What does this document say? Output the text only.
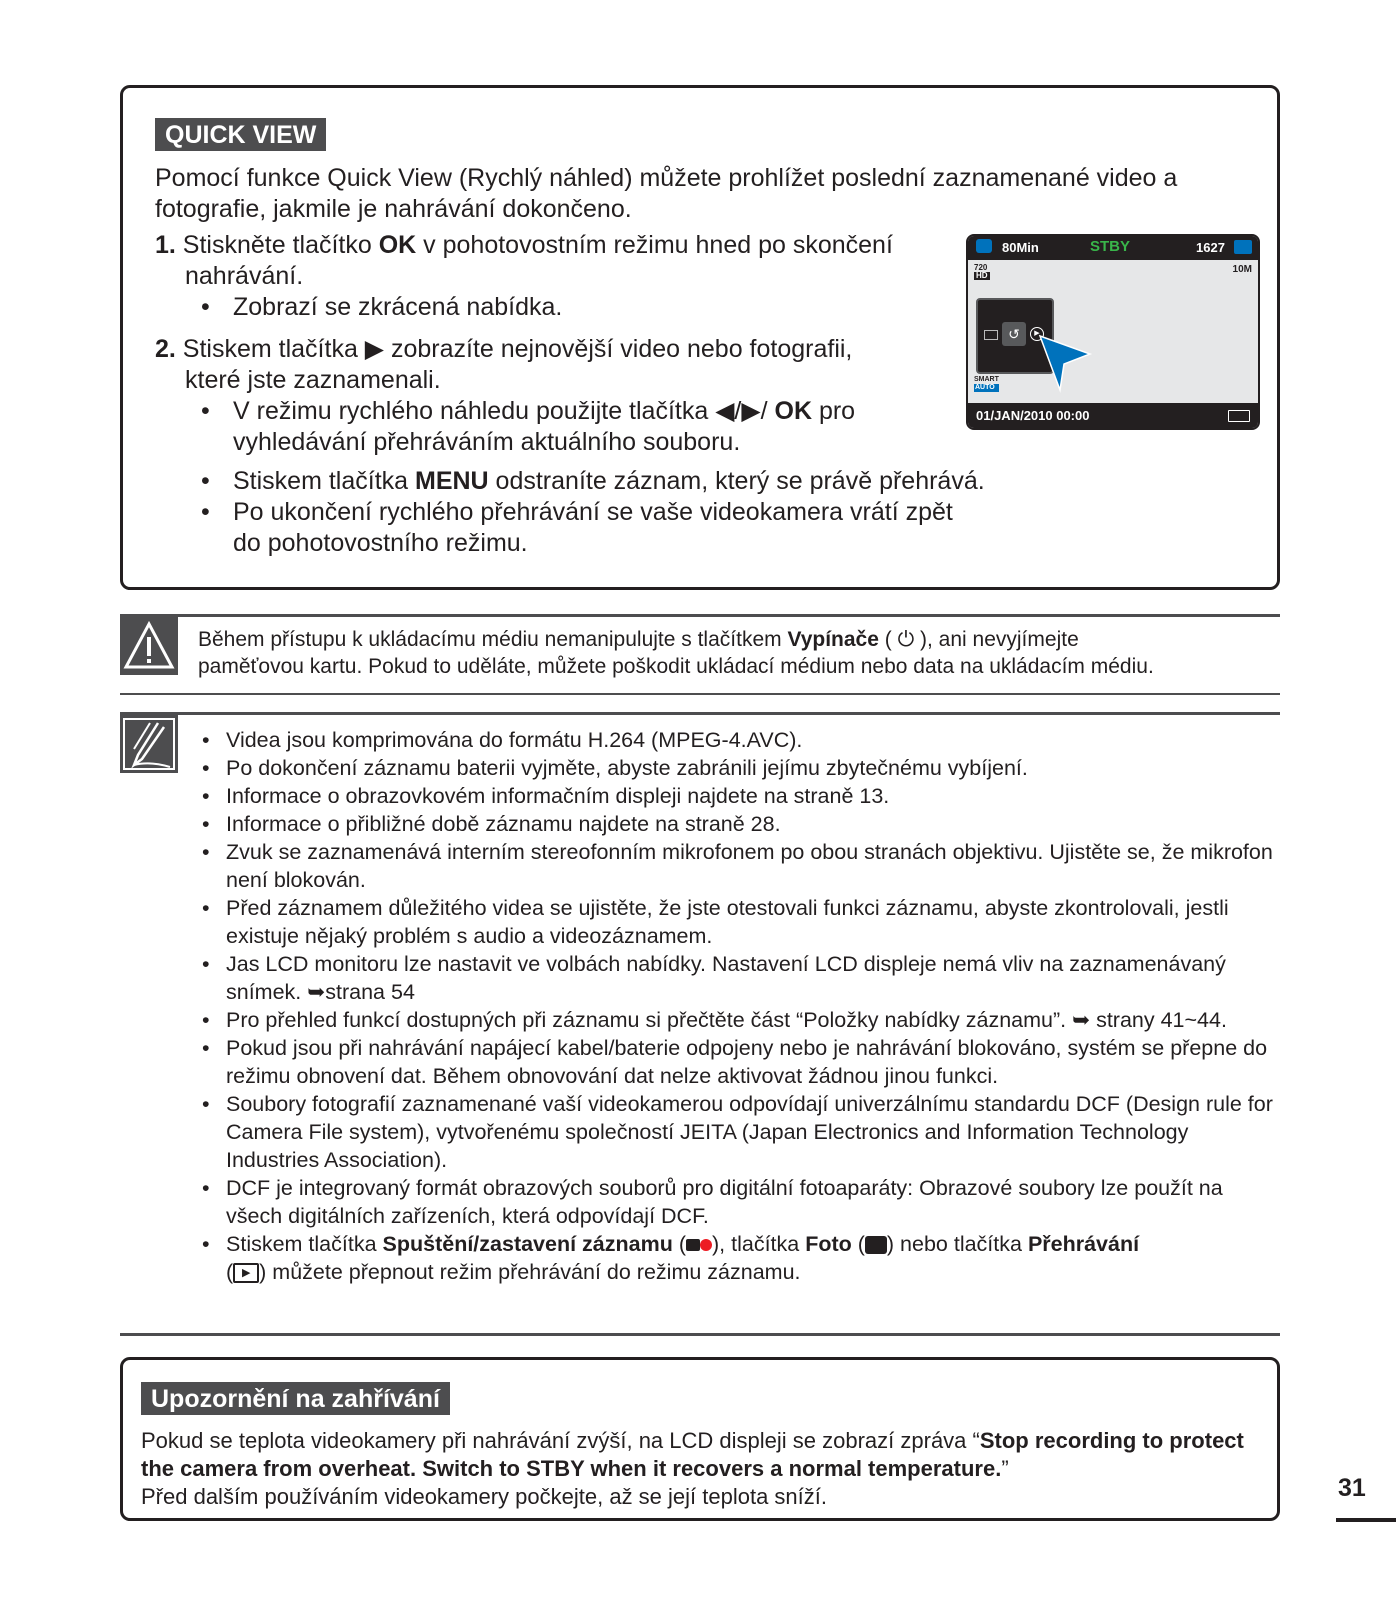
QUICK VIEW

Pomocí funkce Quick View (Rychlý náhled) můžete prohlížet poslední zaznamenané video a fotografie, jakmile je nahrávání dokončeno.

1. Stiskněte tlačítko OK v pohotovostním režimu hned po skončení
nahrávání.
• Zobrazí se zkrácená nabídka.
2. Stiskem tlačítka ▶ zobrazíte nejnovější video nebo fotografii,
které jste zaznamenali.
• V režimu rychlého náhledu použijte tlačítka ◀/▶/ OK pro
vyhledávání přehráváním aktuálního souboru.
• Stiskem tlačítka MENU odstraníte záznam, který se právě přehrává.
• Po ukončení rychlého přehrávání se vaše videokamera vrátí zpět
do pohotovostního režimu.
80Min	STBY	1627
720
HD
10M
↺	▶
SMART
AUTO
01/JAN/2010 00:00
Během přístupu k ukládacímu médiu nemanipulujte s tlačítkem Vypínače ( ⏻ ), ani nevyjímejte
paměťovou kartu. Pokud to uděláte, můžete poškodit ukládací médium nebo data na ukládacím médiu.
• Videa jsou komprimována do formátu H.264 (MPEG-4.AVC).
• Po dokončení záznamu baterii vyjměte, abyste zabránili jejímu zbytečnému vybíjení.
• Informace o obrazovkovém informačním displeji najdete na straně 13.
• Informace o přibližné době záznamu najdete na straně 28.
• Zvuk se zaznamenává interním stereofonním mikrofonem po obou stranách objektivu. Ujistěte se, že mikrofon není blokován.
• Před záznamem důležitého videa se ujistěte, že jste otestovali funkci záznamu, abyste zkontrolovali, jestli existuje nějaký problém s audio a videozáznamem.
• Jas LCD monitoru lze nastavit ve volbách nabídky. Nastavení LCD displeje nemá vliv na zaznamenávaný snímek. ➥strana 54
• Pro přehled funkcí dostupných při záznamu si přečtěte část “Položky nabídky záznamu”. ➥ strany 41~44.
• Pokud jsou při nahrávání napájecí kabel/baterie odpojeny nebo je nahrávání blokováno, systém se přepne do režimu obnovení dat. Během obnovování dat nelze aktivovat žádnou jinou funkci.
• Soubory fotografií zaznamenané vaší videokamerou odpovídají univerzálnímu standardu DCF (Design rule for Camera File system), vytvořenému společností JEITA (Japan Electronics and Information Technology Industries Association).
• DCF je integrovaný formát obrazových souborů pro digitální fotoaparáty: Obrazové soubory lze použít na všech digitálních zařízeních, která odpovídají DCF.
• Stiskem tlačítka Spuštění/zastavení záznamu ( ), tlačítka Foto ( ) nebo tlačítka Přehrávání
( ▶ ) můžete přepnout režim přehrávání do režimu záznamu.
Upozornění na zahřívání
Pokud se teplota videokamery při nahrávání zvýší, na LCD displeji se zobrazí zpráva “Stop recording to protect the camera from overheat. Switch to STBY when it recovers a normal temperature.”
Před dalším používáním videokamery počkejte, až se její teplota sníží.	31
